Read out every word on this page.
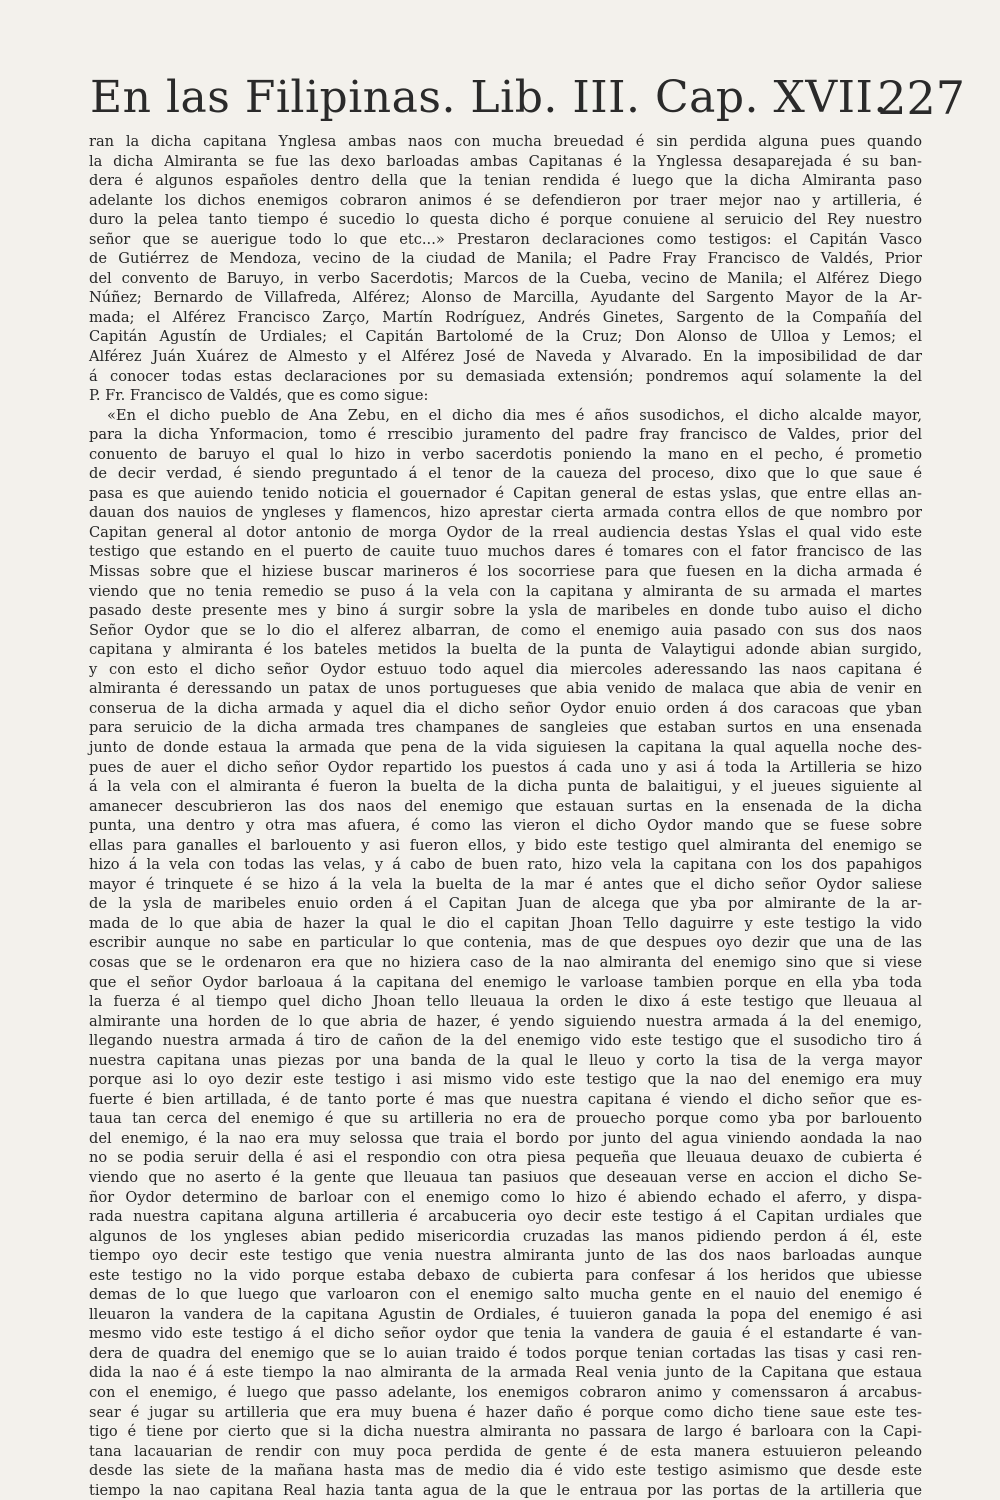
En las Filipinas. Lib. III. Cap. XVII.
227
ran la dicha capitana Ynglesa ambas naos con mucha breuedad é sin perdida alguna pues quando
la dicha Almiranta se fue las dexo barloadas ambas Capitanas é la Ynglessa desaparejada é su ban-
dera é algunos españoles dentro della que la tenian rendida é luego que la dicha Almiranta paso
adelante los dichos enemigos cobraron animos é se defendieron por traer mejor nao y artilleria, é
duro la pelea tanto tiempo é sucedio lo questa dicho é porque conuiene al seruicio del Rey nuestro
señor que se auerigue todo lo que etc...» Prestaron declaraciones como testigos: el Capitán Vasco
de Gutiérrez de Mendoza, vecino de la ciudad de Manila; el Padre Fray Francisco de Valdés, Prior
del convento de Baruyo, in verbo Sacerdotis; Marcos de la Cueba, vecino de Manila; el Alférez Diego
Núñez; Bernardo de Villafreda, Alférez; Alonso de Marcilla, Ayudante del Sargento Mayor de la Ar-
mada; el Alférez Francisco Zarço, Martín Rodríguez, Andrés Ginetes, Sargento de la Compañía del
Capitán Agustín de Urdiales; el Capitán Bartolomé de la Cruz; Don Alonso de Ulloa y Lemos; el
Alférez Juán Xuárez de Almesto y el Alférez José de Naveda y Alvarado. En la imposibilidad de dar
á conocer todas estas declaraciones por su demasiada extensión; pondremos aquí solamente la del
P. Fr. Francisco de Valdés, que es como sigue:
«En el dicho pueblo de Ana Zebu, en el dicho dia mes é años susodichos, el dicho alcalde mayor,
para la dicha Ynformacion, tomo é rrescibio juramento del padre fray francisco de Valdes, prior del
conuento de baruyo el qual lo hizo in verbo sacerdotis poniendo la mano en el pecho, é prometio
de decir verdad, é siendo preguntado á el tenor de la caueza del proceso, dixo que lo que saue é
pasa es que auiendo tenido noticia el gouernador é Capitan general de estas yslas, que entre ellas an-
dauan dos nauios de yngleses y flamencos, hizo aprestar cierta armada contra ellos de que nombro por
Capitan general al dotor antonio de morga Oydor de la rreal audiencia destas Yslas el qual vido este
testigo que estando en el puerto de cauite tuuo muchos dares é tomares con el fator francisco de las
Missas sobre que el hiziese buscar marineros é los socorriese para que fuesen en la dicha armada é
viendo que no tenia remedio se puso á la vela con la capitana y almiranta de su armada el martes
pasado deste presente mes y bino á surgir sobre la ysla de maribeles en donde tubo auiso el dicho
Señor Oydor que se lo dio el alferez albarran, de como el enemigo auia pasado con sus dos naos
capitana y almiranta é los bateles metidos la buelta de la punta de Valaytigui adonde abian surgido,
y con esto el dicho señor Oydor estuuo todo aquel dia miercoles aderessando las naos capitana é
almiranta é deressando un patax de unos portugueses que abia venido de malaca que abia de venir en
conserua de la dicha armada y aquel dia el dicho señor Oydor enuio orden á dos caracoas que yban
para seruicio de la dicha armada tres champanes de sangleies que estaban surtos en una ensenada
junto de donde estaua la armada que pena de la vida siguiesen la capitana la qual aquella noche des-
pues de auer el dicho señor Oydor repartido los puestos á cada uno y asi á toda la Artilleria se hizo
á la vela con el almiranta é fueron la buelta de la dicha punta de balaitigui, y el jueues siguiente al
amanecer descubrieron las dos naos del enemigo que estauan surtas en la ensenada de la dicha
punta, una dentro y otra mas afuera, é como las vieron el dicho Oydor mando que se fuese sobre
ellas para ganalles el barlouento y asi fueron ellos, y bido este testigo quel almiranta del enemigo se
hizo á la vela con todas las velas, y á cabo de buen rato, hizo vela la capitana con los dos papahigos
mayor é trinquete é se hizo á la vela la buelta de la mar é antes que el dicho señor Oydor saliese
de la ysla de maribeles enuio orden á el Capitan Juan de alcega que yba por almirante de la ar-
mada de lo que abia de hazer la qual le dio el capitan Jhoan Tello daguirre y este testigo la vido
escribir aunque no sabe en particular lo que contenia, mas de que despues oyo dezir que una de las
cosas que se le ordenaron era que no hiziera caso de la nao almiranta del enemigo sino que si viese
que el señor Oydor barloaua á la capitana del enemigo le varloase tambien porque en ella yba toda
la fuerza é al tiempo quel dicho Jhoan tello lleuaua la orden le dixo á este testigo que lleuaua al
almirante una horden de lo que abria de hazer, é yendo siguiendo nuestra armada á la del enemigo,
llegando nuestra armada á tiro de cañon de la del enemigo vido este testigo que el susodicho tiro á
nuestra capitana unas piezas por una banda de la qual le lleuo y corto la tisa de la verga mayor
porque asi lo oyo dezir este testigo i asi mismo vido este testigo que la nao del enemigo era muy
fuerte é bien artillada, é de tanto porte é mas que nuestra capitana é viendo el dicho señor que es-
taua tan cerca del enemigo é que su artilleria no era de prouecho porque como yba por barlouento
del enemigo, é la nao era muy selossa que traia el bordo por junto del agua viniendo aondada la nao
no se podia seruir della é asi el respondio con otra piesa pequeña que lleuaua deuaxo de cubierta é
viendo que no aserto é la gente que lleuaua tan pasiuos que deseauan verse en accion el dicho Se-
ñor Oydor determino de barloar con el enemigo como lo hizo é abiendo echado el aferro, y dispa-
rada nuestra capitana alguna artilleria é arcabuceria oyo decir este testigo á el Capitan urdiales que
algunos de los yngleses abian pedido misericordia cruzadas las manos pidiendo perdon á él, este
tiempo oyo decir este testigo que venia nuestra almiranta junto de las dos naos barloadas aunque
este testigo no la vido porque estaba debaxo de cubierta para confesar á los heridos que ubiesse
demas de lo que luego que varloaron con el enemigo salto mucha gente en el nauio del enemigo é
lleuaron la vandera de la capitana Agustin de Ordiales, é tuuieron ganada la popa del enemigo é asi
mesmo vido este testigo á el dicho señor oydor que tenia la vandera de gauia é el estandarte é van-
dera de quadra del enemigo que se lo auian traido é todos porque tenian cortadas las tisas y casi ren-
dida la nao é á este tiempo la nao almiranta de la armada Real venia junto de la Capitana que estaua
con el enemigo, é luego que passo adelante, los enemigos cobraron animo y comenssaron á arcabus-
sear é jugar su artilleria que era muy buena é hazer daño é porque como dicho tiene saue este tes-
tigo é tiene por cierto que si la dicha nuestra almiranta no passara de largo é barloara con la Capi-
tana lacauarian de rendir con muy poca perdida de gente é de esta manera estuuieron peleando
desde las siete de la mañana hasta mas de medio dia é vido este testigo asimismo que desde este
tiempo la nao capitana Real hazia tanta agua de la que le entraua por las portas de la artilleria que
